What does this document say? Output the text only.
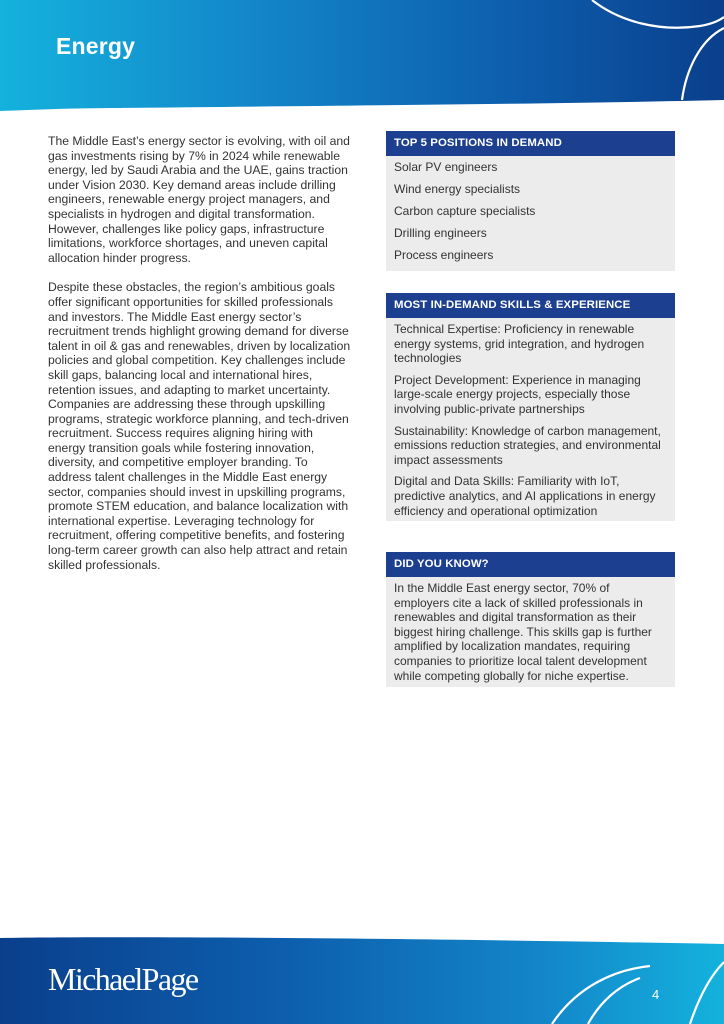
Energy

The Middle East’s energy sector is evolving, with oil and gas investments rising by 7% in 2024 while renewable energy, led by Saudi Arabia and the UAE, gains traction under Vision 2030. Key demand areas include drilling engineers, renewable energy project managers, and specialists in hydrogen and digital transformation. However, challenges like policy gaps, infrastructure limitations, workforce shortages, and uneven capital allocation hinder progress.

Despite these obstacles, the region’s ambitious goals offer significant opportunities for skilled professionals and investors. The Middle East energy sector’s recruitment trends highlight growing demand for diverse talent in oil & gas and renewables, driven by localization policies and global competition. Key challenges include skill gaps, balancing local and international hires, retention issues, and adapting to market uncertainty. Companies are addressing these through upskilling programs, strategic workforce planning, and tech-driven recruitment. Success requires aligning hiring with energy transition goals while fostering innovation, diversity, and competitive employer branding. To address talent challenges in the Middle East energy sector, companies should invest in upskilling programs, promote STEM education, and balance localization with international expertise. Leveraging technology for recruitment, offering competitive benefits, and fostering long-term career growth can also help attract and retain skilled professionals.

TOP 5 POSITIONS IN DEMAND
Solar PV engineers
Wind energy specialists
Carbon capture specialists
Drilling engineers
Process engineers
MOST IN-DEMAND SKILLS & EXPERIENCE
Technical Expertise: Proficiency in renewable energy systems, grid integration, and hydrogen technologies
Project Development: Experience in managing large-scale energy projects, especially those involving public-private partnerships
Sustainability: Knowledge of carbon management, emissions reduction strategies, and environmental impact assessments
Digital and Data Skills: Familiarity with IoT, predictive analytics, and AI applications in energy efficiency and operational optimization
DID YOU KNOW?
In the Middle East energy sector, 70% of employers cite a lack of skilled professionals in renewables and digital transformation as their biggest hiring challenge. This skills gap is further amplified by localization mandates, requiring companies to prioritize local talent development while competing globally for niche expertise.
MichaelPage	4
